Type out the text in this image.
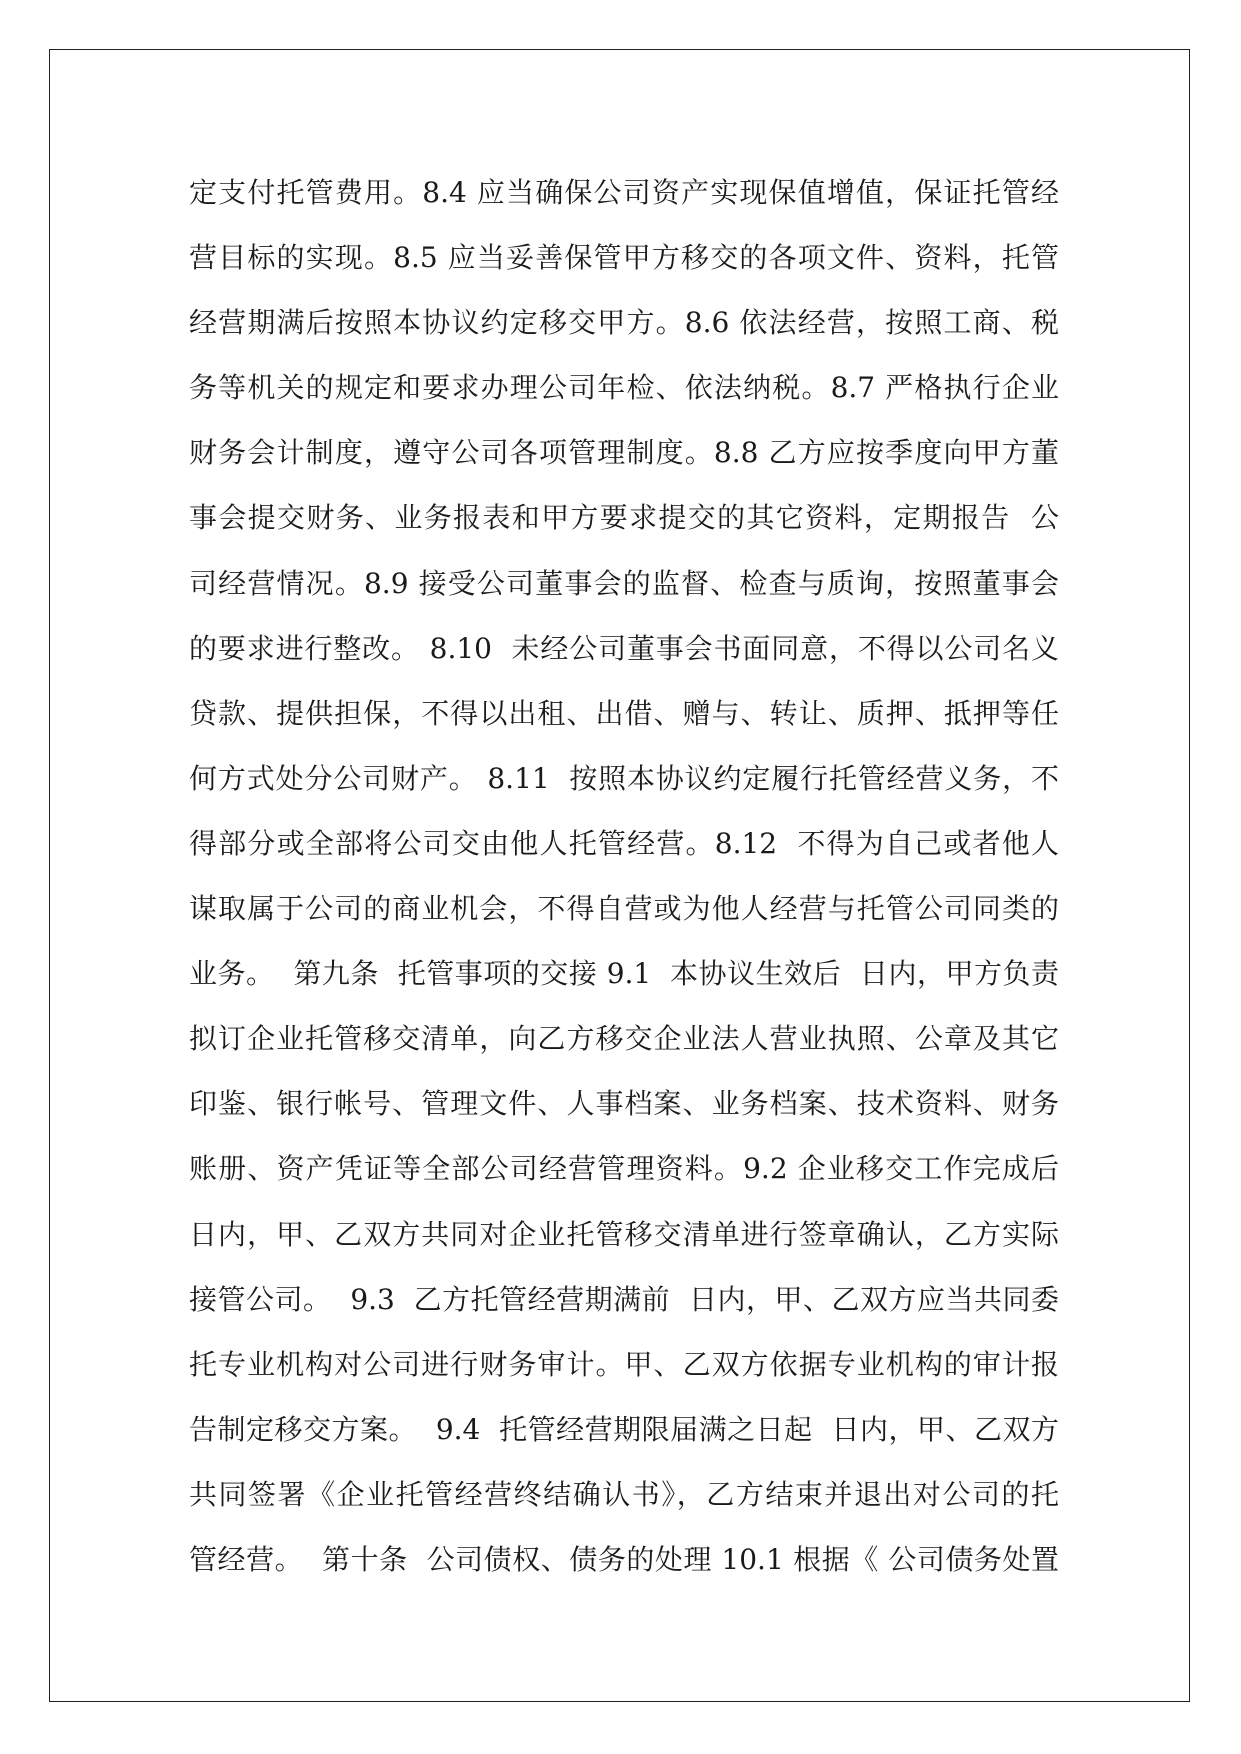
定支付托管费用。8.4 应当确保公司资产实现保值增值，保证托管经
营目标的实现。8.5 应当妥善保管甲方移交的各项文件、资料，托管
经营期满后按照本协议约定移交甲方。8.6 依法经营，按照工商、税
务等机关的规定和要求办理公司年检、依法纳税。8.7 严格执行企业
财务会计制度，遵守公司各项管理制度。8.8 乙方应按季度向甲方董
事会提交财务、业务报表和甲方要求提交的其它资料，定期报告  公
司经营情况。8.9 接受公司董事会的监督、检查与质询，按照董事会
的要求进行整改。 8.10  未经公司董事会书面同意，不得以公司名义
贷款、提供担保，不得以出租、出借、赠与、转让、质押、抵押等任
何方式处分公司财产。 8.11  按照本协议约定履行托管经营义务，不
得部分或全部将公司交由他人托管经营。8.12  不得为自己或者他人
谋取属于公司的商业机会，不得自营或为他人经营与托管公司同类的
业务。  第九条  托管事项的交接 9.1  本协议生效后  日内，甲方负责
拟订企业托管移交清单，向乙方移交企业法人营业执照、公章及其它
印鉴、银行帐号、管理文件、人事档案、业务档案、技术资料、财务
账册、资产凭证等全部公司经营管理资料。9.2 企业移交工作完成后
日内，甲、乙双方共同对企业托管移交清单进行签章确认，乙方实际
接管公司。  9.3  乙方托管经营期满前  日内，甲、乙双方应当共同委
托专业机构对公司进行财务审计。甲、乙双方依据专业机构的审计报
告制定移交方案。  9.4  托管经营期限届满之日起  日内，甲、乙双方
共同签署《企业托管经营终结确认书》，乙方结束并退出对公司的托
管经营。  第十条  公司债权、债务的处理 10.1 根据《 公司债务处置
